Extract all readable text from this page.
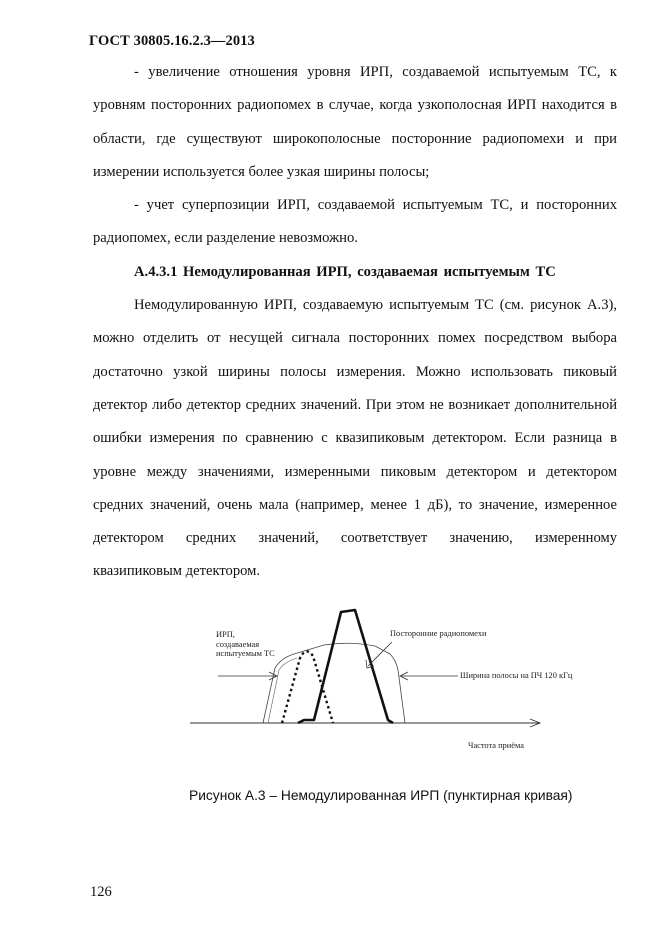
ГОСТ 30805.16.2.3—2013

- увеличение отношения уровня ИРП, создаваемой испытуемым ТС, к уровням посторонних радиопомех в случае, когда узкополосная ИРП находится в области, где существуют широкополосные посторонние радиопомехи и при измерении используется более узкая ширины полосы;

- учет суперпозиции ИРП, создаваемой испытуемым ТС, и посторонних радиопомех, если разделение невозможно.

А.4.3.1 Немодулированная ИРП, создаваемая испытуемым ТС

Немодулированную ИРП, создаваемую испытуемым ТС (см. рисунок А.3), можно отделить от несущей сигнала посторонних помех посредством выбора достаточно узкой ширины полосы измерения. Можно использовать пиковый детектор либо детектор средних значений. При этом не возникает дополнительной ошибки измерения по сравнению с квазипиковым детектором. Если разница в уровне между значениями, измеренными пиковым детектором и детектором средних значений, очень мала (например, менее 1 дБ), то значение, измеренное детектором средних значений, соответствует значению, измеренному квазипиковым детектором.

ИРП, создаваемая испытуемым ТС
Посторонние радиопомехи
Ширина полосы на ПЧ 120 кГц
Частота приёма
Рисунок А.3 – Немодулированная ИРП (пунктирная кривая)
126
